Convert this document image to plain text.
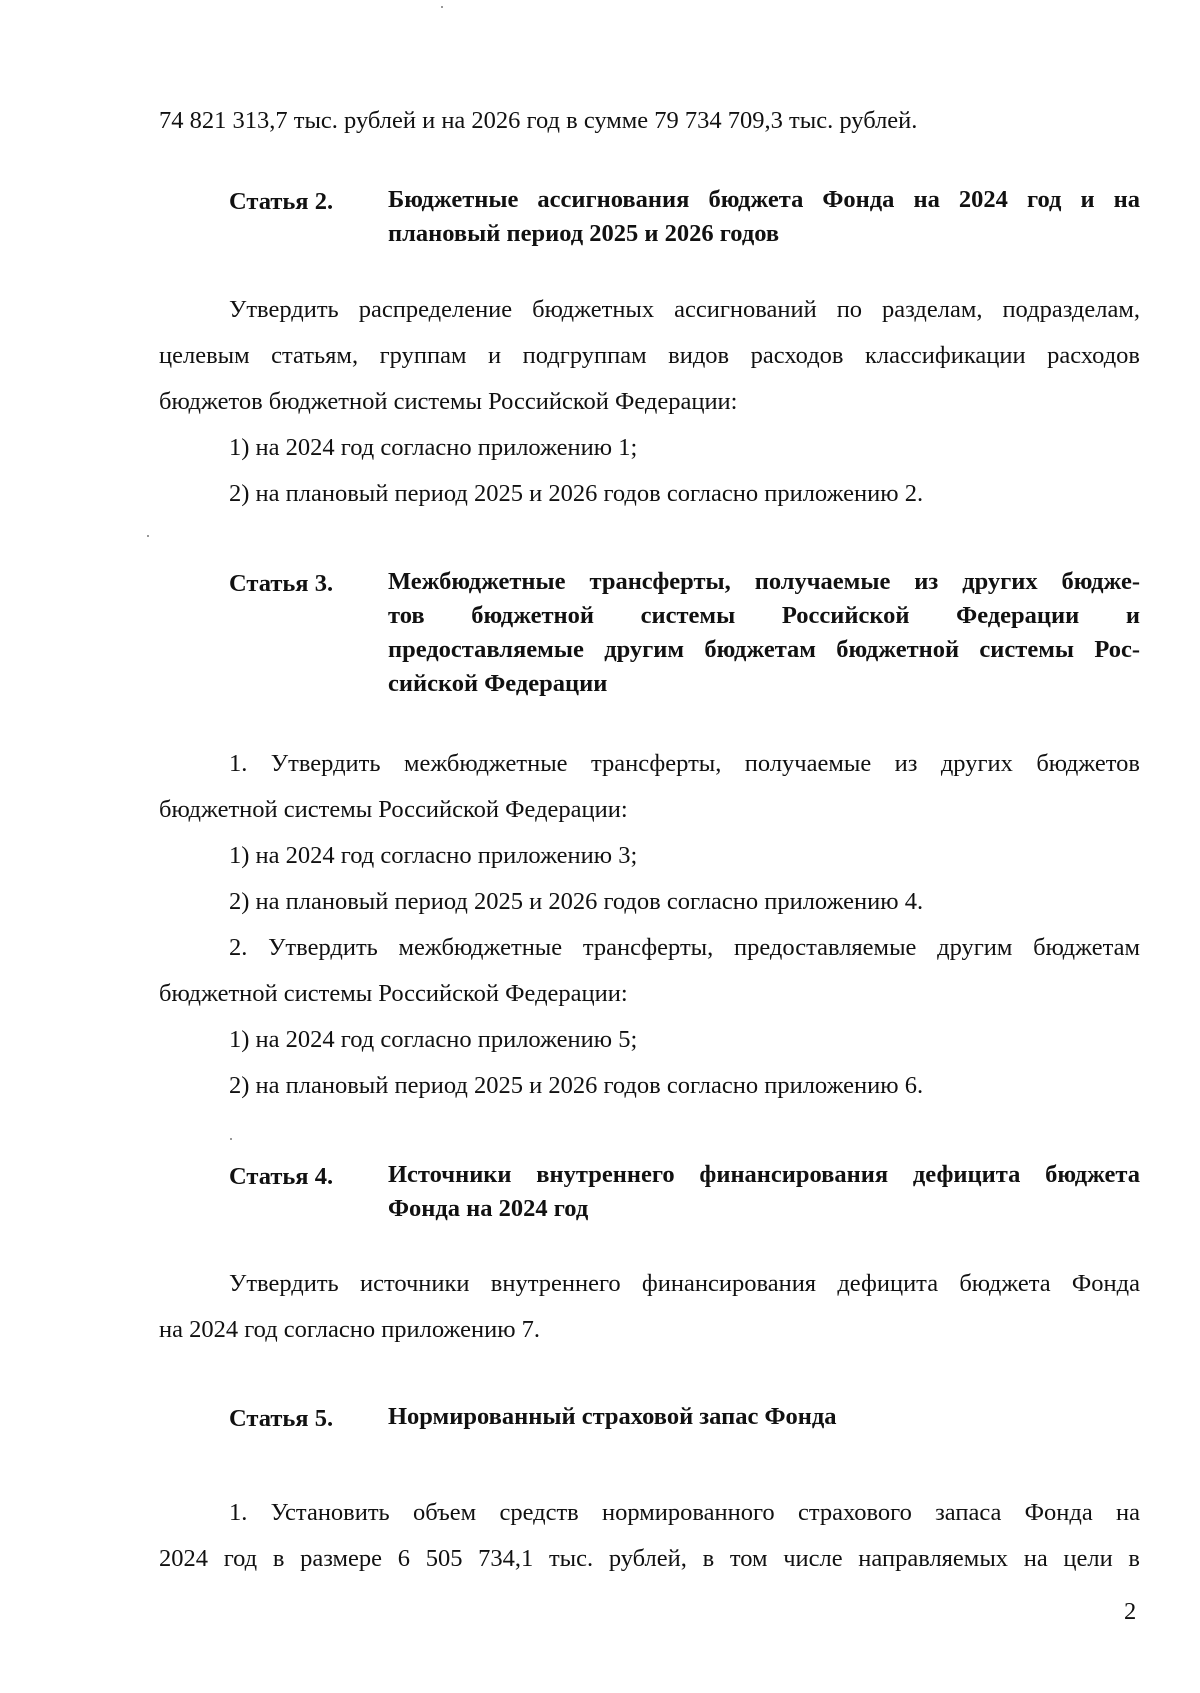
74 821 313,7 тыс. рублей и на 2026 год в сумме 79 734 709,3 тыс. рублей.
Статья 2. Бюджетные ассигнования бюджета Фонда на 2024 год и на
плановый период 2025 и 2026 годов
Утвердить распределение бюджетных ассигнований по разделам, подразделам,
целевым статьям, группам и подгруппам видов расходов классификации расходов
бюджетов бюджетной системы Российской Федерации:
1) на 2024 год согласно приложению 1;
2) на плановый период 2025 и 2026 годов согласно приложению 2.
Статья 3. Межбюджетные трансферты, получаемые из других бюдже-
тов бюджетной системы Российской Федерации и
предоставляемые другим бюджетам бюджетной системы Рос-
сийской Федерации
1. Утвердить межбюджетные трансферты, получаемые из других бюджетов
бюджетной системы Российской Федерации:
1) на 2024 год согласно приложению 3;
2) на плановый период 2025 и 2026 годов согласно приложению 4.
2. Утвердить межбюджетные трансферты, предоставляемые другим бюджетам
бюджетной системы Российской Федерации:
1) на 2024 год согласно приложению 5;
2) на плановый период 2025 и 2026 годов согласно приложению 6.
Статья 4. Источники внутреннего финансирования дефицита бюджета
Фонда на 2024 год
Утвердить источники внутреннего финансирования дефицита бюджета Фонда
на 2024 год согласно приложению 7.
Статья 5. Нормированный страховой запас Фонда
1. Установить объем средств нормированного страхового запаса Фонда на
2024 год в размере 6 505 734,1 тыс. рублей, в том числе направляемых на цели в
2
